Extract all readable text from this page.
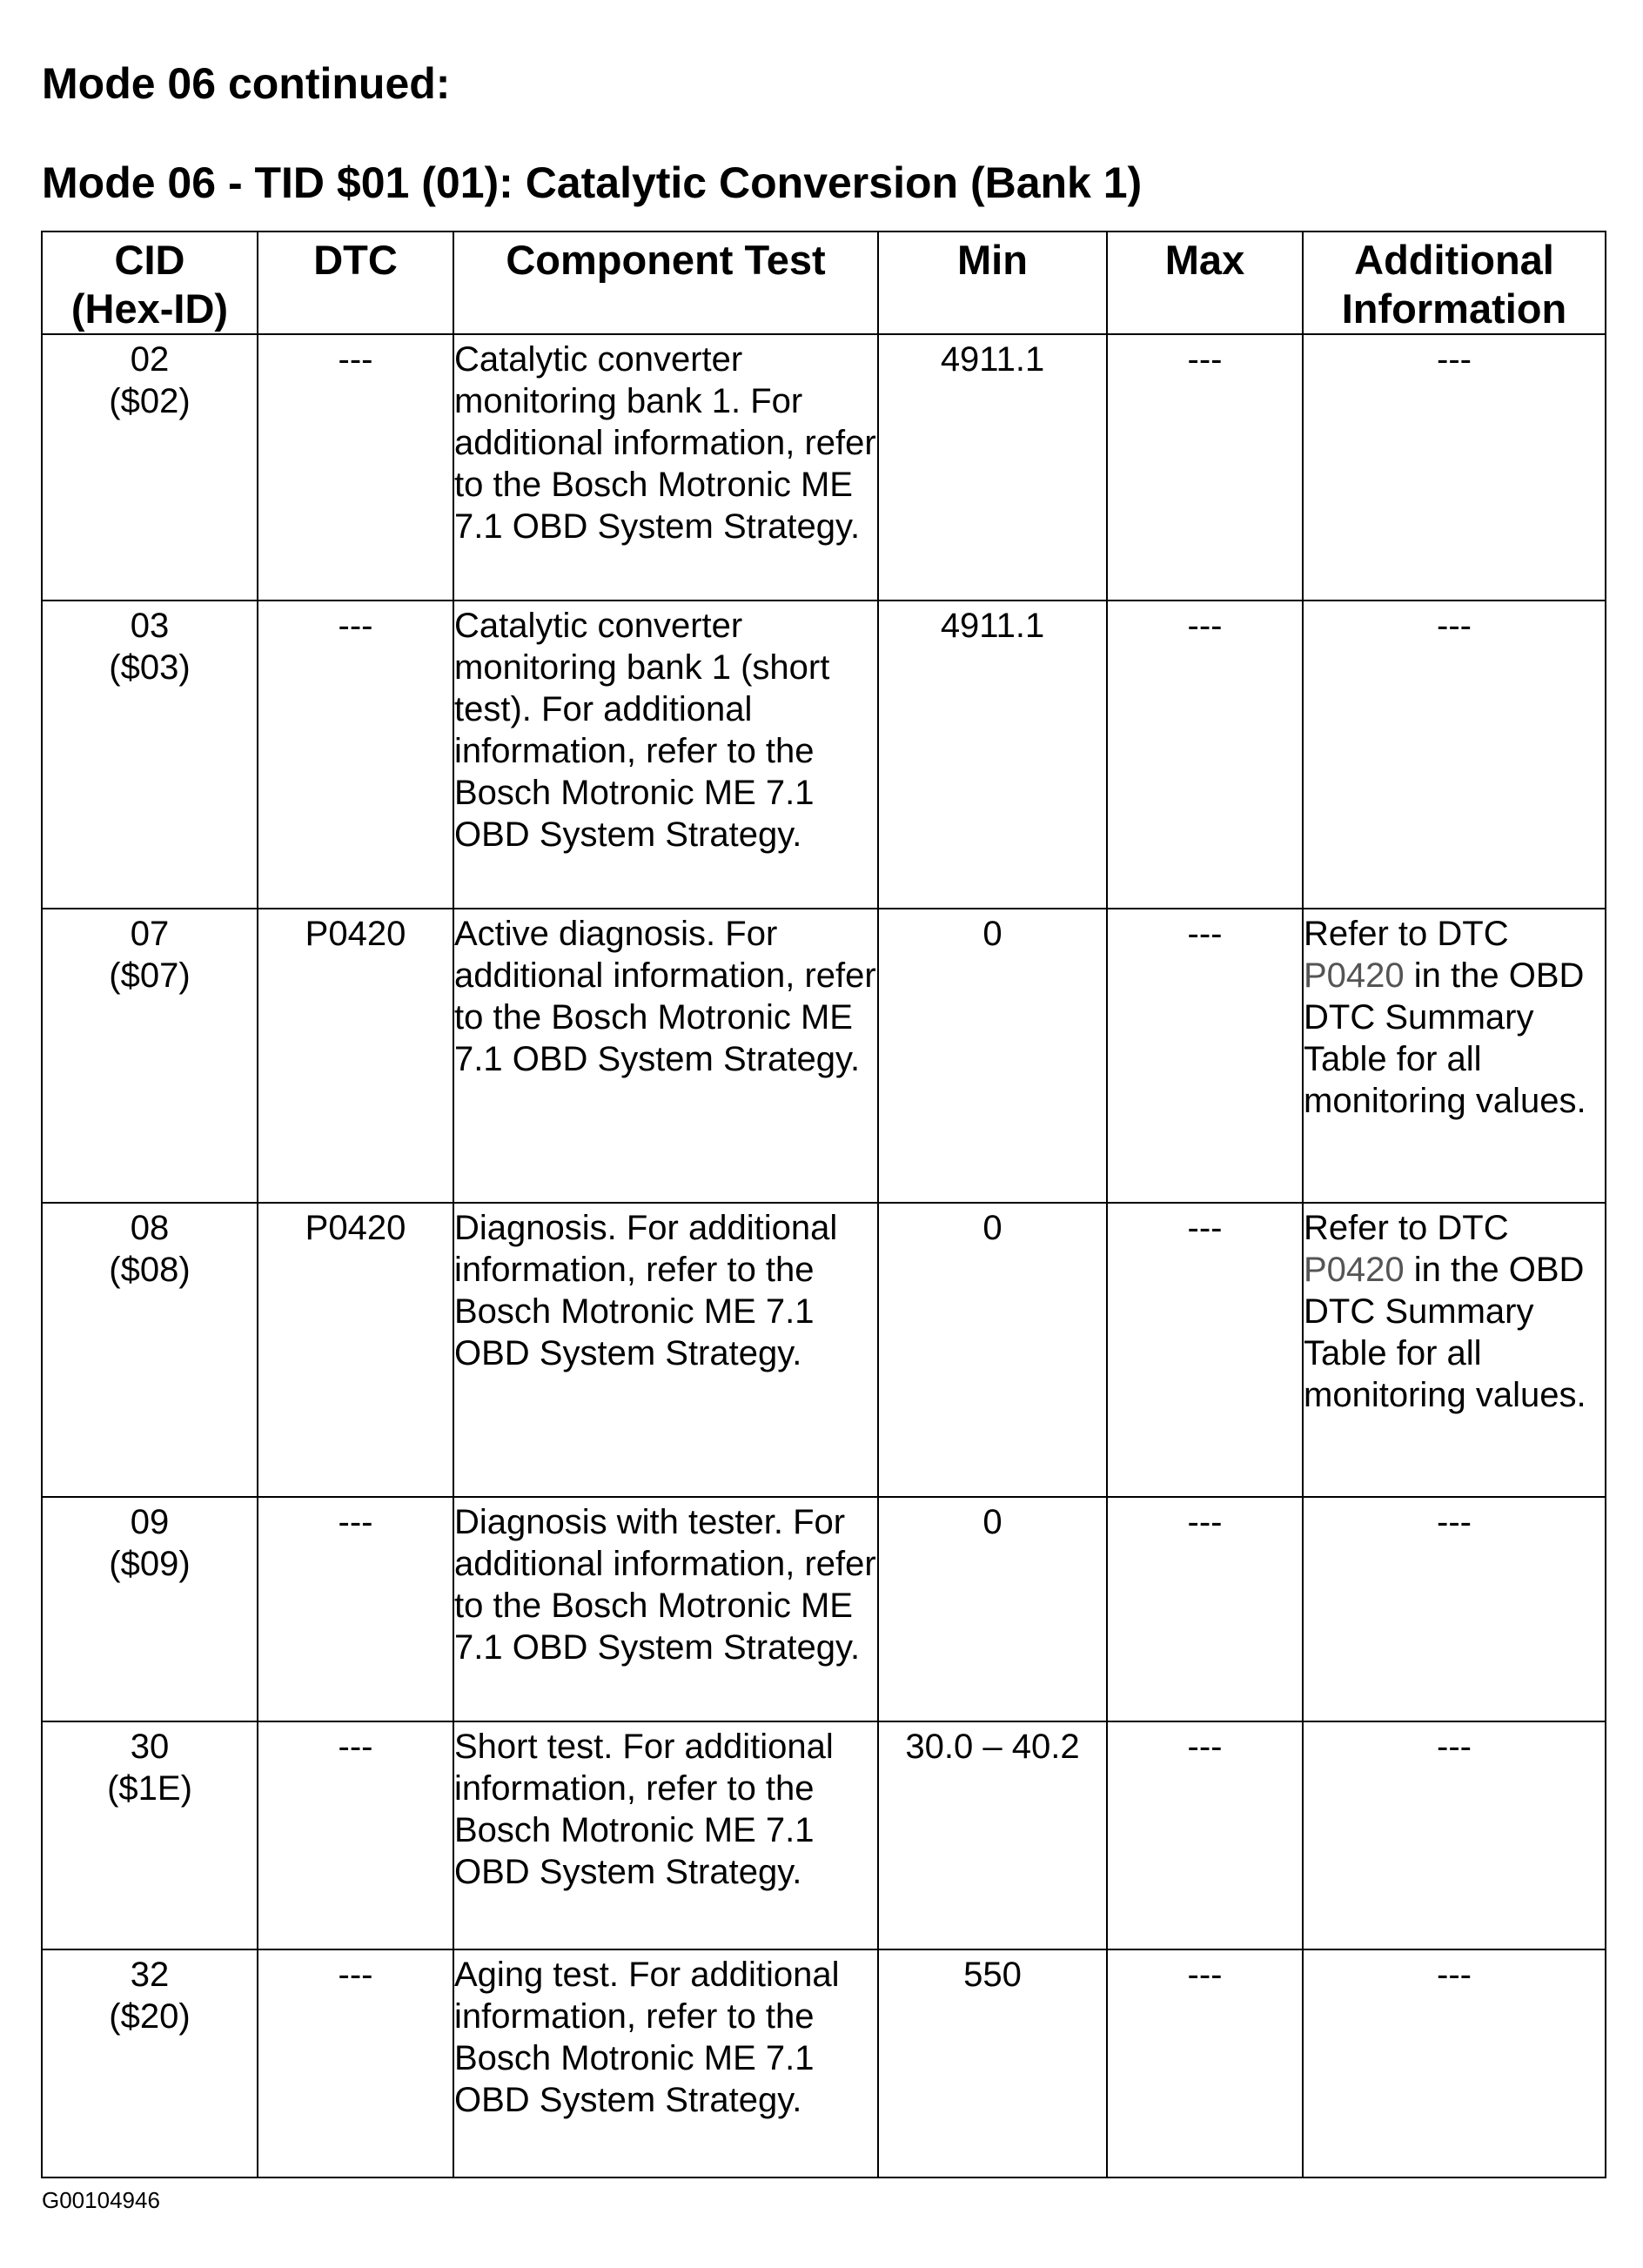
Mode 06 continued:
Mode 06 - TID $01 (01): Catalytic Conversion (Bank 1)
CID
(Hex-ID)	DTC	Component Test	Min	Max	Additional
Information

02
($02)	---	Catalytic converter monitoring bank 1. For additional information, refer to the Bosch Motronic ME 7.1 OBD System Strategy.	4911.1	---	---

03
($03)	---	Catalytic converter monitoring bank 1 (short test). For additional information, refer to the Bosch Motronic ME 7.1 OBD System Strategy.	4911.1	---	---

07
($07)	P0420	Active diagnosis. For additional information, refer to the Bosch Motronic ME 7.1 OBD System Strategy.	0	---	Refer to DTC P0420 in the OBD DTC Summary Table for all monitoring values.

08
($08)	P0420	Diagnosis. For additional information, refer to the Bosch Motronic ME 7.1 OBD System Strategy.	0	---	Refer to DTC P0420 in the OBD DTC Summary Table for all monitoring values.

09
($09)	---	Diagnosis with tester. For additional information, refer to the Bosch Motronic ME 7.1 OBD System Strategy.	0	---	---

30
($1E)	---	Short test. For additional information, refer to the Bosch Motronic ME 7.1 OBD System Strategy.	30.0 – 40.2	---	---

32
($20)	---	Aging test. For additional information, refer to the Bosch Motronic ME 7.1 OBD System Strategy.	550	---	---
G00104946
